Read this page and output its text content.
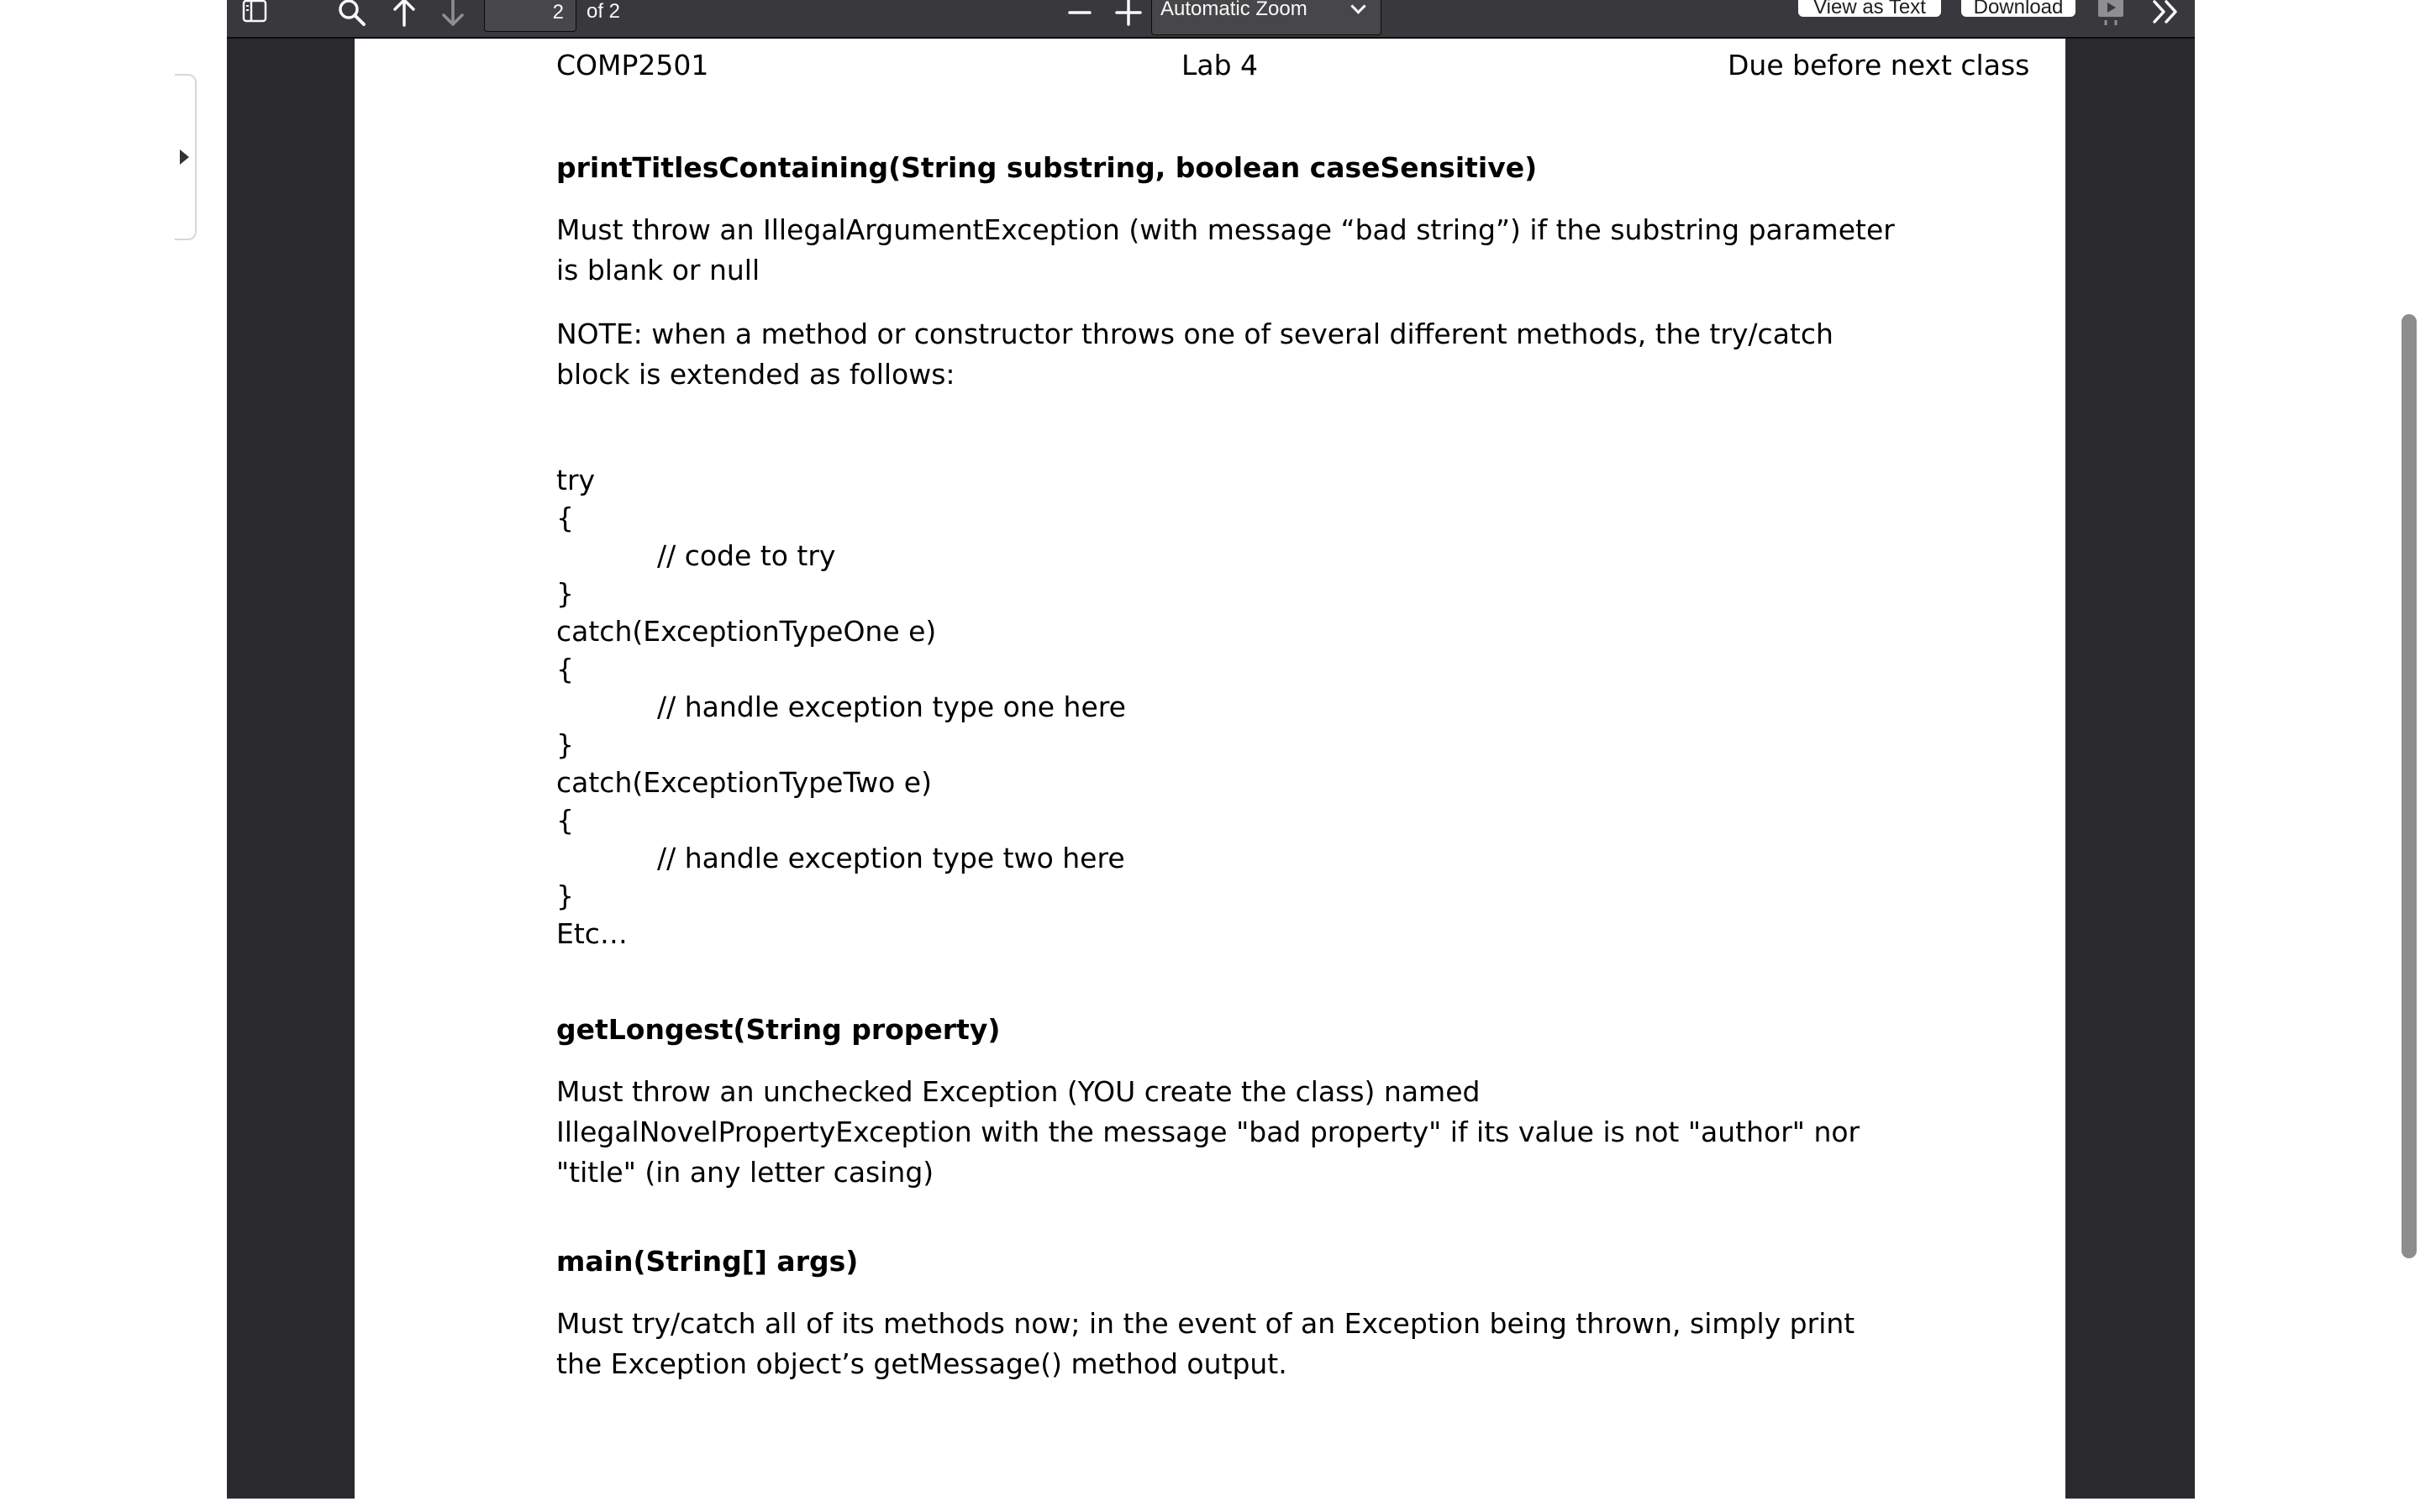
2	of 2	Automatic Zoom	View as Text	Download
COMP2501	Lab 4	Due before next class
printTitlesContaining(String substring, boolean caseSensitive)
Must throw an IllegalArgumentException (with message “bad string”) if the substring parameter is blank or null
NOTE: when a method or constructor throws one of several different methods, the try/catch block is extended as follows:
try
{
// code to try
}
catch(ExceptionTypeOne e)
{
// handle exception type one here
}
catch(ExceptionTypeTwo e)
{
// handle exception type two here
}
Etc…
getLongest(String property)
Must throw an unchecked Exception (YOU create the class) named IllegalNovelPropertyException with the message "bad property" if its value is not "author" nor "title" (in any letter casing)
main(String[] args)
Must try/catch all of its methods now; in the event of an Exception being thrown, simply print the Exception object’s getMessage() method output.
